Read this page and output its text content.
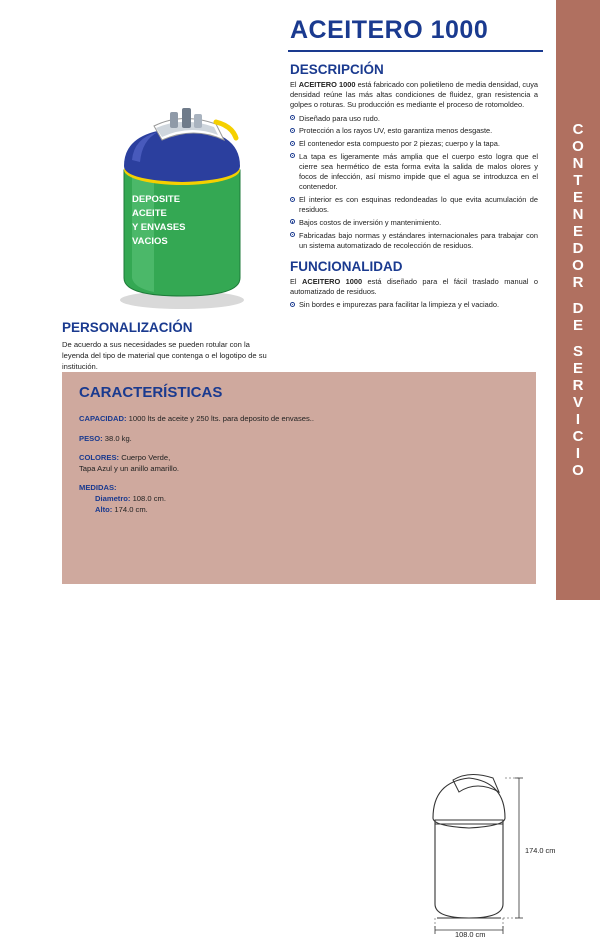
ACEITERO 1000
DEPOSITE
ACEITE
Y ENVASES
VACIOS
DESCRIPCIÓN
El ACEITERO 1000 está fabricado con polietileno de media densidad, cuya densidad reúne las más altas condiciones de fluidez, gran resistencia a golpes o roturas. Su producción es mediante el proceso de rotomoldeo.
Diseñado para uso rudo.
Protección a los rayos UV, esto garantiza menos desgaste.
El contenedor esta compuesto por 2 piezas; cuerpo y la tapa.
La tapa es ligeramente más amplia que el cuerpo esto logra que el cierre sea hermético de esta forma evita la salida de malos olores y focos de infección, así mismo impide que el agua se introduzca en el contenedor.
El interior es con esquinas redondeadas lo que evita acumulación de residuos.
Bajos costos de inversión y mantenimiento.
Fabricadas bajo normas y estándares internacionales para trabajar con un sistema automatizado de recolección de residuos.
FUNCIONALIDAD
El ACEITERO 1000 está diseñado para el fácil traslado manual o automatizado de residuos.
Sin bordes e impurezas para facilitar la limpieza y el vaciado.
PERSONALIZACIÓN
De acuerdo a sus necesidades se pueden rotular con la leyenda del tipo de material que contenga o el logotipo de su institución.
CARACTERÍSTICAS
CAPACIDAD: 1000 lts de aceite y 250 lts. para deposito de envases..
PESO: 38.0 kg.
COLORES: Cuerpo Verde,
Tapa Azul y un anillo amarillo.
MEDIDAS:
Diametro: 108.0 cm.
Alto: 174.0 cm.
174.0 cm
108.0 cm
C
O
N
T
E
N
E
D
O
R
D
E
S
E
R
V
I
C
I
O
